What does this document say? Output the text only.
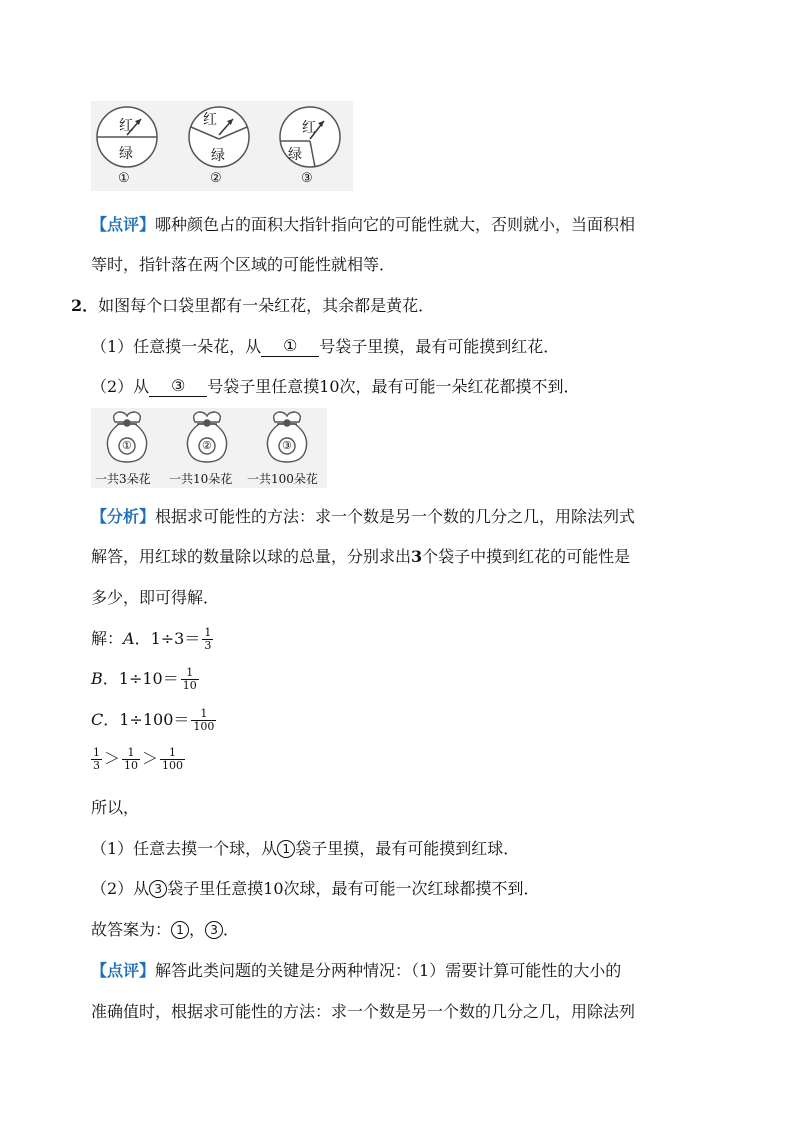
红
绿
①
红
绿
②
红
绿
③
【点评】哪种颜色占的面积大指针指向它的可能性就大，否则就小，当面积相
等时，指针落在两个区域的可能性就相等．
2．如图每个口袋里都有一朵红花，其余都是黄花．
（1）任意摸一朵花，从 ① 号袋子里摸，最有可能摸到红花．
（2）从 ③ 号袋子里任意摸10次，最有可能一朵红花都摸不到．
①	②	③
一共3朵花 一共10朵花 一共100朵花
【分析】根据求可能性的方法：求一个数是另一个数的几分之几，用除法列式
解答，用红球的数量除以球的总量，分别求出3个袋子中摸到红花的可能性是
多少，即可得解．
解：A．$1\div 3= \frac{1}{3}$
B．$1\div 10= \frac{1}{10}$
C．$1\div 100= \frac{1}{100}$
$\frac{1}{3} > \frac{1}{10} > \frac{1}{100}$
所以，
（1）任意去摸一个球，从 1 袋子里摸，最有可能摸到红球．
（2）从 3 袋子里任意摸10次球，最有可能一次红球都摸不到．
故答案为： 1 ， 3 ．
【点评】解答此类问题的关键是分两种情况：（1）需要计算可能性的大小的
准确值时，根据求可能性的方法：求一个数是另一个数的几分之几，用除法列
